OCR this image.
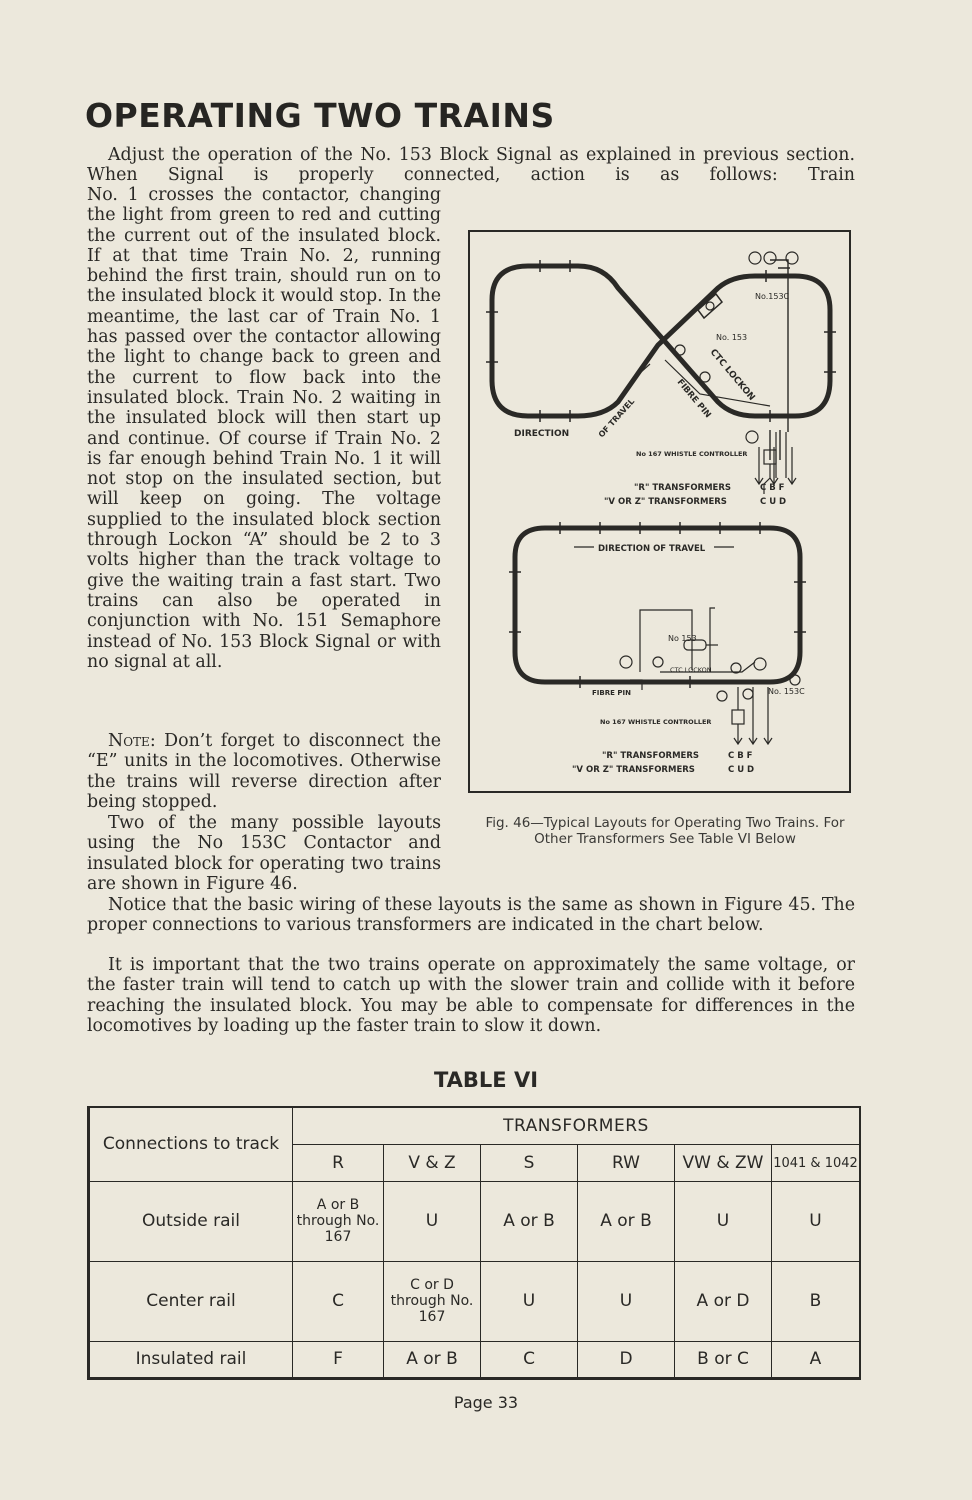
OPERATING TWO TRAINS

Adjust the operation of the No. 153 Block Signal as explained in previous section. When Signal is properly connected, action is as follows: Train

No. 1 crosses the contactor, changing the light from green to red and cutting the current out of the insulated block. If at that time Train No. 2, running behind the first train, should run on to the insulated block it would stop. In the meantime, the last car of Train No. 1 has passed over the contactor allowing the light to change back to green and the current to flow back into the insulated block. Train No. 2 waiting in the insulated block will then start up and continue. Of course if Train No. 2 is far enough behind Train No. 1 it will not stop on the insulated section, but will keep on going. The voltage supplied to the insulated block section through Lockon “A” should be 2 to 3 volts higher than the track voltage to give the waiting train a fast start. Two trains can also be operated in conjunction with No. 151 Semaphore instead of No. 153 Block Signal or with no signal at all.

Note: Don’t forget to disconnect the “E” units in the locomotives. Otherwise the trains will reverse direction after being stopped.

Two of the many possible layouts using the No 153C Contactor and insulated block for operating two trains are shown in Figure 46.

Notice that the basic wiring of these layouts is the same as shown in Figure 45. The proper connections to various transformers are indicated in the chart below.

It is important that the two trains operate on approximately the same voltage, or the faster train will tend to catch up with the slower train and collide with it before reaching the insulated block. You may be able to compensate for differences in the locomotives by loading up the faster train to slow it down.

DIRECTION	OF TRAVEL
CTC LOCKON
FIBRE PIN
No. 153
No.153C
No 167 WHISTLE CONTROLLER
"R" TRANSFORMERS	C B F
"V OR Z" TRANSFORMERS	C U D
DIRECTION OF TRAVEL
No 153
CTC LOCKON
FIBRE PIN	No. 153C
No 167 WHISTLE CONTROLLER
"R" TRANSFORMERS	C B F
"V OR Z" TRANSFORMERS	C U D
Fig. 46—Typical Layouts for Operating Two Trains. For Other Transformers See Table VI Below
TABLE VI
Connections to track	TRANSFORMERS					
	R	V & Z	S	RW	VW & ZW	1041 & 1042
Outside rail	A or B through No. 167	U	A or B	A or B	U	U
Center rail	C	C or D through No. 167	U	U	A or D	B
Insulated rail	F	A or B	C	D	B or C	A
Page 33
